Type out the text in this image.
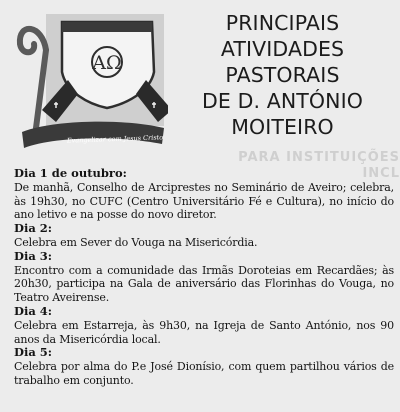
AΩ
Evangelizar com Jesus Cristo
PRINCIPAIS
ATIVIDADES
PASTORAIS
DE D. ANTÓNIO
MOITEIRO
PARA INSTITUIÇÕES
INCL

Dia 1 de outubro:

De manhã, Conselho de Arciprestes no Seminário de Aveiro; celebra, às 19h30, no CUFC (Centro Universitário Fé e Cultura), no início do ano letivo e na posse do novo diretor.

Dia 2:

Celebra em Sever do Vouga na Misericórdia.

Dia 3:

Encontro com a comunidade das Irmãs Doroteias em Recardães; às 20h30, participa na Gala de aniversário das Florinhas do Vouga, no Teatro Aveirense.

Dia 4:

Celebra em Estarreja, às 9h30, na Igreja de Santo António, nos 90 anos da Misericórdia local.

Dia 5:

Celebra por alma do P.e José Dionísio, com quem partilhou vários de trabalho em conjunto.
